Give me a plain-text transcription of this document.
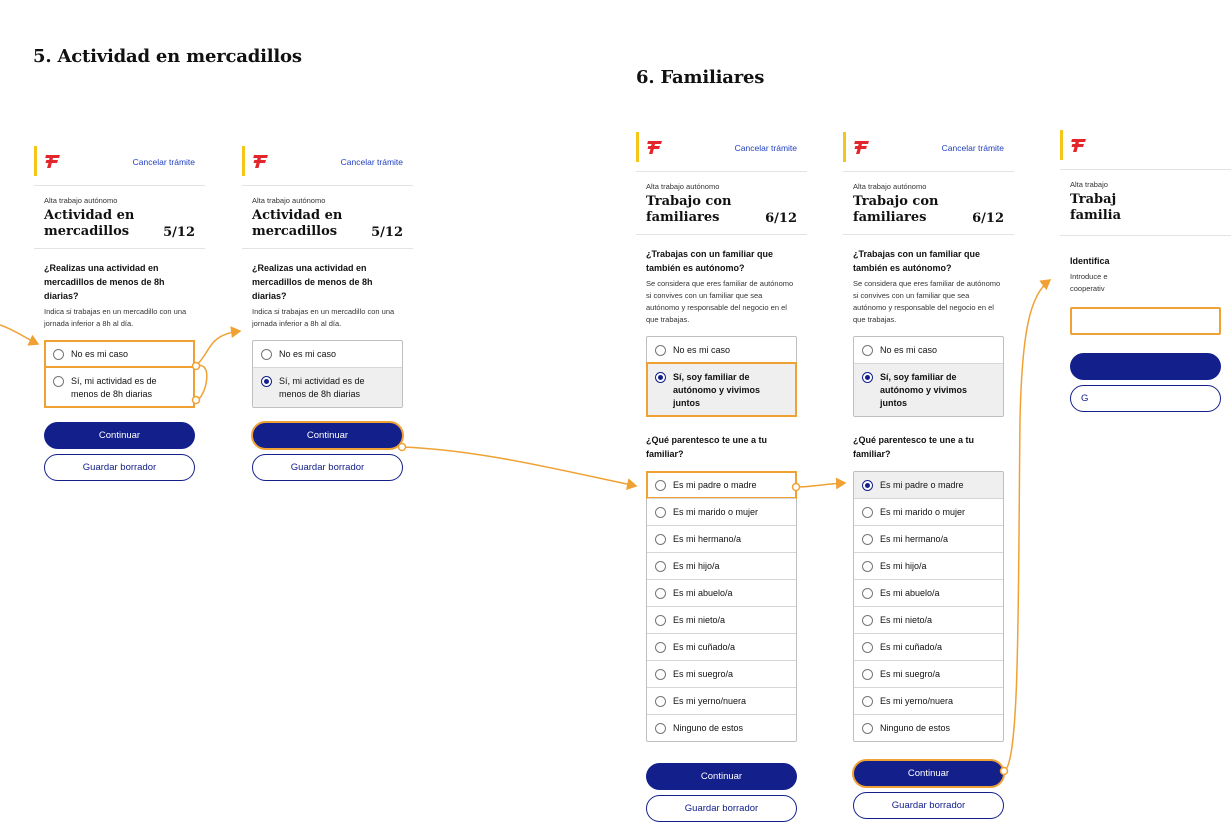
5. Actividad en mercadillos
6. Familiares
Cancelar trámite
Alta trabajo autónomo
Actividad en mercadillos	5/12
¿Realizas una actividad en mercadillos de menos de 8h diarias?
Indica si trabajas en un mercadillo con una jornada inferior a 8h al día.
No es mi caso
Sí, mi actividad es de menos de 8h diarias
Continuar
Guardar borrador
Cancelar trámite
Alta trabajo autónomo
Actividad en mercadillos	5/12
¿Realizas una actividad en mercadillos de menos de 8h diarias?
Indica si trabajas en un mercadillo con una jornada inferior a 8h al día.
No es mi caso
Sí, mi actividad es de menos de 8h diarias
Continuar
Guardar borrador
Cancelar trámite
Alta trabajo autónomo
Trabajo con familiares	6/12
¿Trabajas con un familiar que también es autónomo?
Se considera que eres familiar de autónomo si convives con un familiar que sea autónomo y responsable del negocio en el que trabajas.
No es mi caso
Sí, soy familiar de autónomo y vivimos juntos
¿Qué parentesco te une a tu familiar?
Es mi padre o madre
Es mi marido o mujer
Es mi hermano/a
Es mi hijo/a
Es mi abuelo/a
Es mi nieto/a
Es mi cuñado/a
Es mi suegro/a
Es mi yerno/nuera
Ninguno de estos
Continuar
Guardar borrador
Cancelar trámite
Alta trabajo autónomo
Trabajo con familiares	6/12
¿Trabajas con un familiar que también es autónomo?
Se considera que eres familiar de autónomo si convives con un familiar que sea autónomo y responsable del negocio en el que trabajas.
No es mi caso
Sí, soy familiar de autónomo y vivimos juntos
¿Qué parentesco te une a tu familiar?
Es mi padre o madre
Es mi marido o mujer
Es mi hermano/a
Es mi hijo/a
Es mi abuelo/a
Es mi nieto/a
Es mi cuñado/a
Es mi suegro/a
Es mi yerno/nuera
Ninguno de estos
Continuar
Guardar borrador
Alta trabajo
Trabaj
familia
Identifica
Introduce e
cooperativ
G
